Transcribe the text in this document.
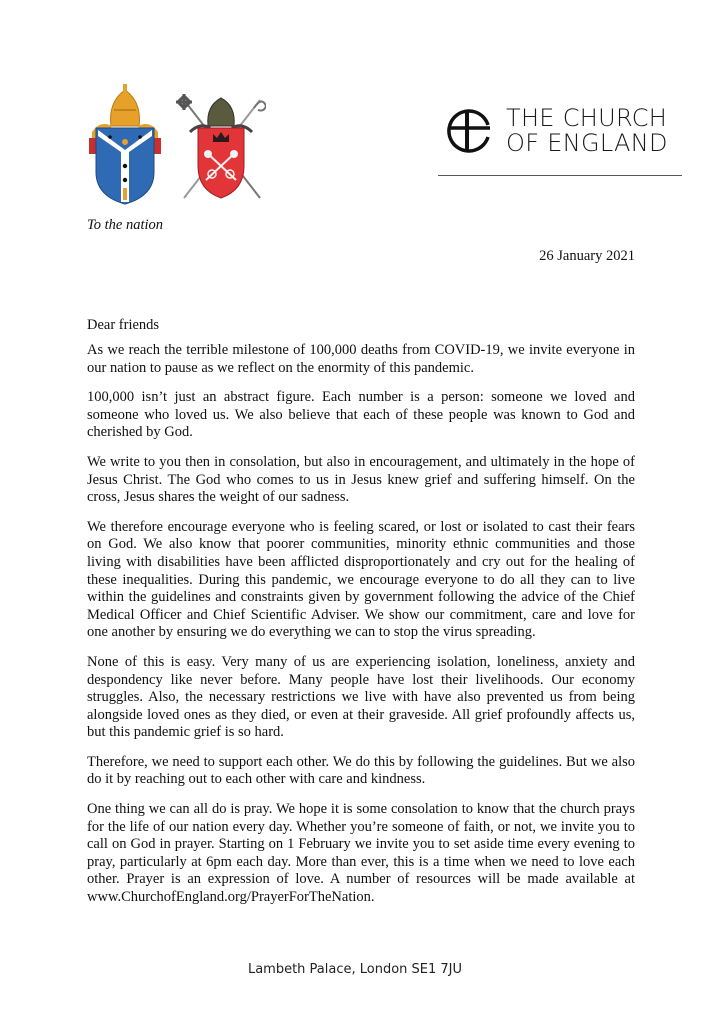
THE CHURCH
OF ENGLAND
To the nation
26 January 2021
Dear friends

As we reach the terrible milestone of 100,000 deaths from COVID-19, we invite everyone in our nation to pause as we reflect on the enormity of this pandemic.

100,000 isn’t just an abstract figure. Each number is a person: someone we loved and someone who loved us. We also believe that each of these people was known to God and cherished by God.

We write to you then in consolation, but also in encouragement, and ultimately in the hope of Jesus Christ. The God who comes to us in Jesus knew grief and suffering himself. On the cross, Jesus shares the weight of our sadness.

We therefore encourage everyone who is feeling scared, or lost or isolated to cast their fears on God. We also know that poorer communities, minority ethnic communities and those living with disabilities have been afflicted disproportionately and cry out for the healing of these inequalities. During this pandemic, we encourage everyone to do all they can to live within the guidelines and constraints given by government following the advice of the Chief Medical Officer and Chief Scientific Adviser. We show our commitment, care and love for one another by ensuring we do everything we can to stop the virus spreading.

None of this is easy. Very many of us are experiencing isolation, loneliness, anxiety and despondency like never before. Many people have lost their livelihoods. Our economy struggles. Also, the necessary restrictions we live with have also prevented us from being alongside loved ones as they died, or even at their graveside. All grief profoundly affects us, but this pandemic grief is so hard.

Therefore, we need to support each other. We do this by following the guidelines. But we also do it by reaching out to each other with care and kindness.

One thing we can all do is pray. We hope it is some consolation to know that the church prays for the life of our nation every day. Whether you’re someone of faith, or not, we invite you to call on God in prayer. Starting on 1 February we invite you to set aside time every evening to pray, particularly at 6pm each day. More than ever, this is a time when we need to love each other. Prayer is an expression of love. A number of resources will be made available at www.ChurchofEngland.org/PrayerForTheNation.

Lambeth Palace, London SE1 7JU
